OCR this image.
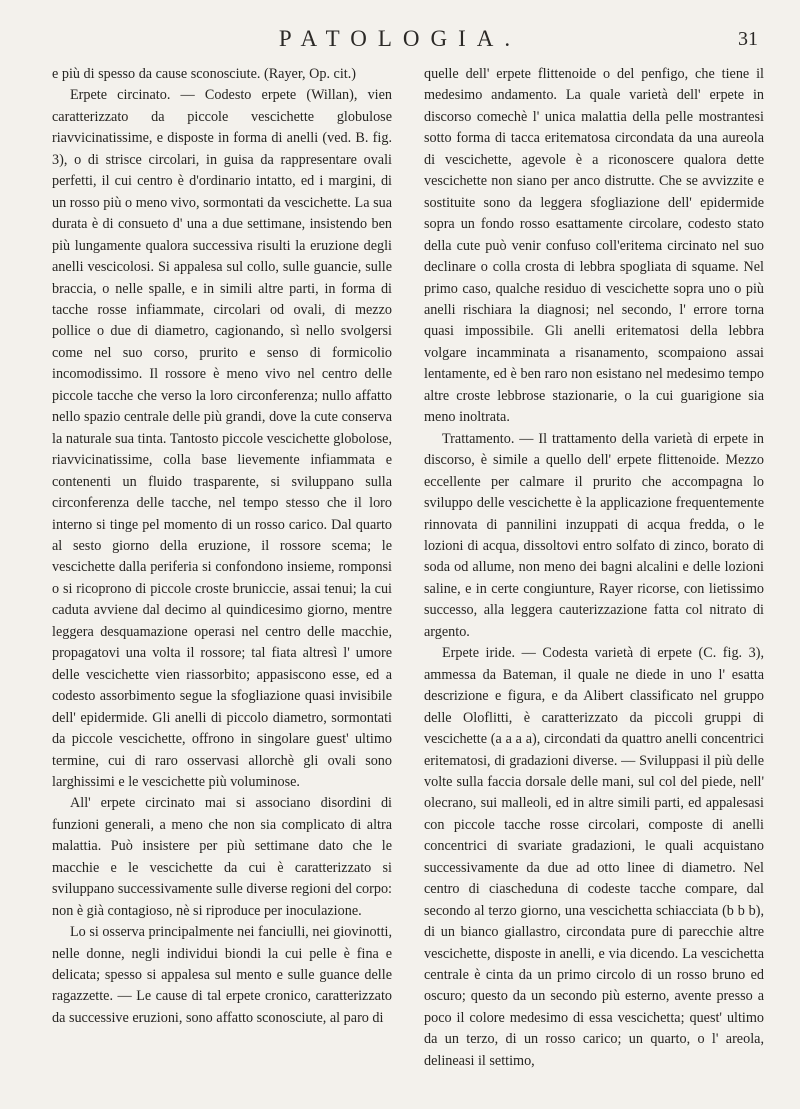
PATOLOGIA.	31

e più di spesso da cause sconosciute. (Rayer, Op. cit.)

Erpete circinato. — Codesto erpete (Willan), vien caratterizzato da piccole vescichette globulose riavvicinatissime, e disposte in forma di anelli (ved. B. fig. 3), o di strisce circolari, in guisa da rappresentare ovali perfetti, il cui centro è d'ordinario intatto, ed i margini, di un rosso più o meno vivo, sormontati da vescichette. La sua durata è di consueto d' una a due settimane, insistendo ben più lungamente qualora successiva risulti la eruzione degli anelli vescicolosi. Si appalesa sul collo, sulle guancie, sulle braccia, o nelle spalle, e in simili altre parti, in forma di tacche rosse infiammate, circolari od ovali, di mezzo pollice o due di diametro, cagionando, sì nello svolgersi come nel suo corso, prurito e senso di formicolio incomodissimo. Il rossore è meno vivo nel centro delle piccole tacche che verso la loro circonferenza; nullo affatto nello spazio centrale delle più grandi, dove la cute conserva la naturale sua tinta. Tantosto piccole vescichette globolose, riavvicinatissime, colla base lievemente infiammata e contenenti un fluido trasparente, si sviluppano sulla circonferenza delle tacche, nel tempo stesso che il loro interno si tinge pel momento di un rosso carico. Dal quarto al sesto giorno della eruzione, il rossore scema; le vescichette dalla periferia si confondono insieme, romponsi o si ricoprono di piccole croste bruniccie, assai tenui; la cui caduta avviene dal decimo al quindicesimo giorno, mentre leggera desquamazione operasi nel centro delle macchie, propagatovi una volta il rossore; tal fiata altresì l' umore delle vescichette vien riassorbito; appasiscono esse, ed a codesto assorbimento segue la sfogliazione quasi invisibile dell' epidermide. Gli anelli di piccolo diametro, sormontati da piccole vescichette, offrono in singolare guest' ultimo termine, cui di raro osservasi allorchè gli ovali sono larghissimi e le vescichette più voluminose.

All' erpete circinato mai si associano disordini di funzioni generali, a meno che non sia complicato di altra malattia. Può insistere per più settimane dato che le macchie e le vescichette da cui è caratterizzato si sviluppano successivamente sulle diverse regioni del corpo: non è già contagioso, nè si riproduce per inoculazione.

Lo si osserva principalmente nei fanciulli, nei giovinotti, nelle donne, negli individui biondi la cui pelle è fina e delicata; spesso si appalesa sul mento e sulle guance delle ragazzette. — Le cause di tal erpete cronico, caratterizzato da successive eruzioni, sono affatto sconosciute, al paro di

quelle dell' erpete flittenoide o del penfigo, che tiene il medesimo andamento. La quale varietà dell' erpete in discorso comechè l' unica malattia della pelle mostrantesi sotto forma di tacca eritematosa circondata da una aureola di vescichette, agevole è a riconoscere qualora dette vescichette non siano per anco distrutte. Che se avvizzite e sostituite sono da leggera sfogliazione dell' epidermide sopra un fondo rosso esattamente circolare, codesto stato della cute può venir confuso coll'eritema circinato nel suo declinare o colla crosta di lebbra spogliata di squame. Nel primo caso, qualche residuo di vescichette sopra uno o più anelli rischiara la diagnosi; nel secondo, l' errore torna quasi impossibile. Gli anelli eritematosi della lebbra volgare incamminata a risanamento, scompaiono assai lentamente, ed è ben raro non esistano nel medesimo tempo altre croste lebbrose stazionarie, o la cui guarigione sia meno inoltrata.

Trattamento. — Il trattamento della varietà di erpete in discorso, è simile a quello dell' erpete flittenoide. Mezzo eccellente per calmare il prurito che accompagna lo sviluppo delle vescichette è la applicazione frequentemente rinnovata di pannilini inzuppati di acqua fredda, o le lozioni di acqua, dissoltovi entro solfato di zinco, borato di soda od allume, non meno dei bagni alcalini e delle lozioni saline, e in certe congiunture, Rayer ricorse, con lietissimo successo, alla leggera cauterizzazione fatta col nitrato di argento.

Erpete iride. — Codesta varietà di erpete (C. fig. 3), ammessa da Bateman, il quale ne diede in uno l' esatta descrizione e figura, e da Alibert classificato nel gruppo delle Oloflitti, è caratterizzato da piccoli gruppi di vescichette (a a a a), circondati da quattro anelli concentrici eritematosi, di gradazioni diverse. — Sviluppasi il più delle volte sulla faccia dorsale delle mani, sul col del piede, nell' olecrano, sui malleoli, ed in altre simili parti, ed appalesasi con piccole tacche rosse circolari, composte di anelli concentrici di svariate gradazioni, le quali acquistano successivamente da due ad otto linee di diametro. Nel centro di ciascheduna di codeste tacche compare, dal secondo al terzo giorno, una vescichetta schiacciata (b b b), di un bianco giallastro, circondata pure di parecchie altre vescichette, disposte in anelli, e via dicendo. La vescichetta centrale è cinta da un primo circolo di un rosso bruno ed oscuro; questo da un secondo più esterno, avente presso a poco il colore medesimo di essa vescichetta; quest' ultimo da un terzo, di un rosso carico; un quarto, o l' areola, delineasi il settimo,
